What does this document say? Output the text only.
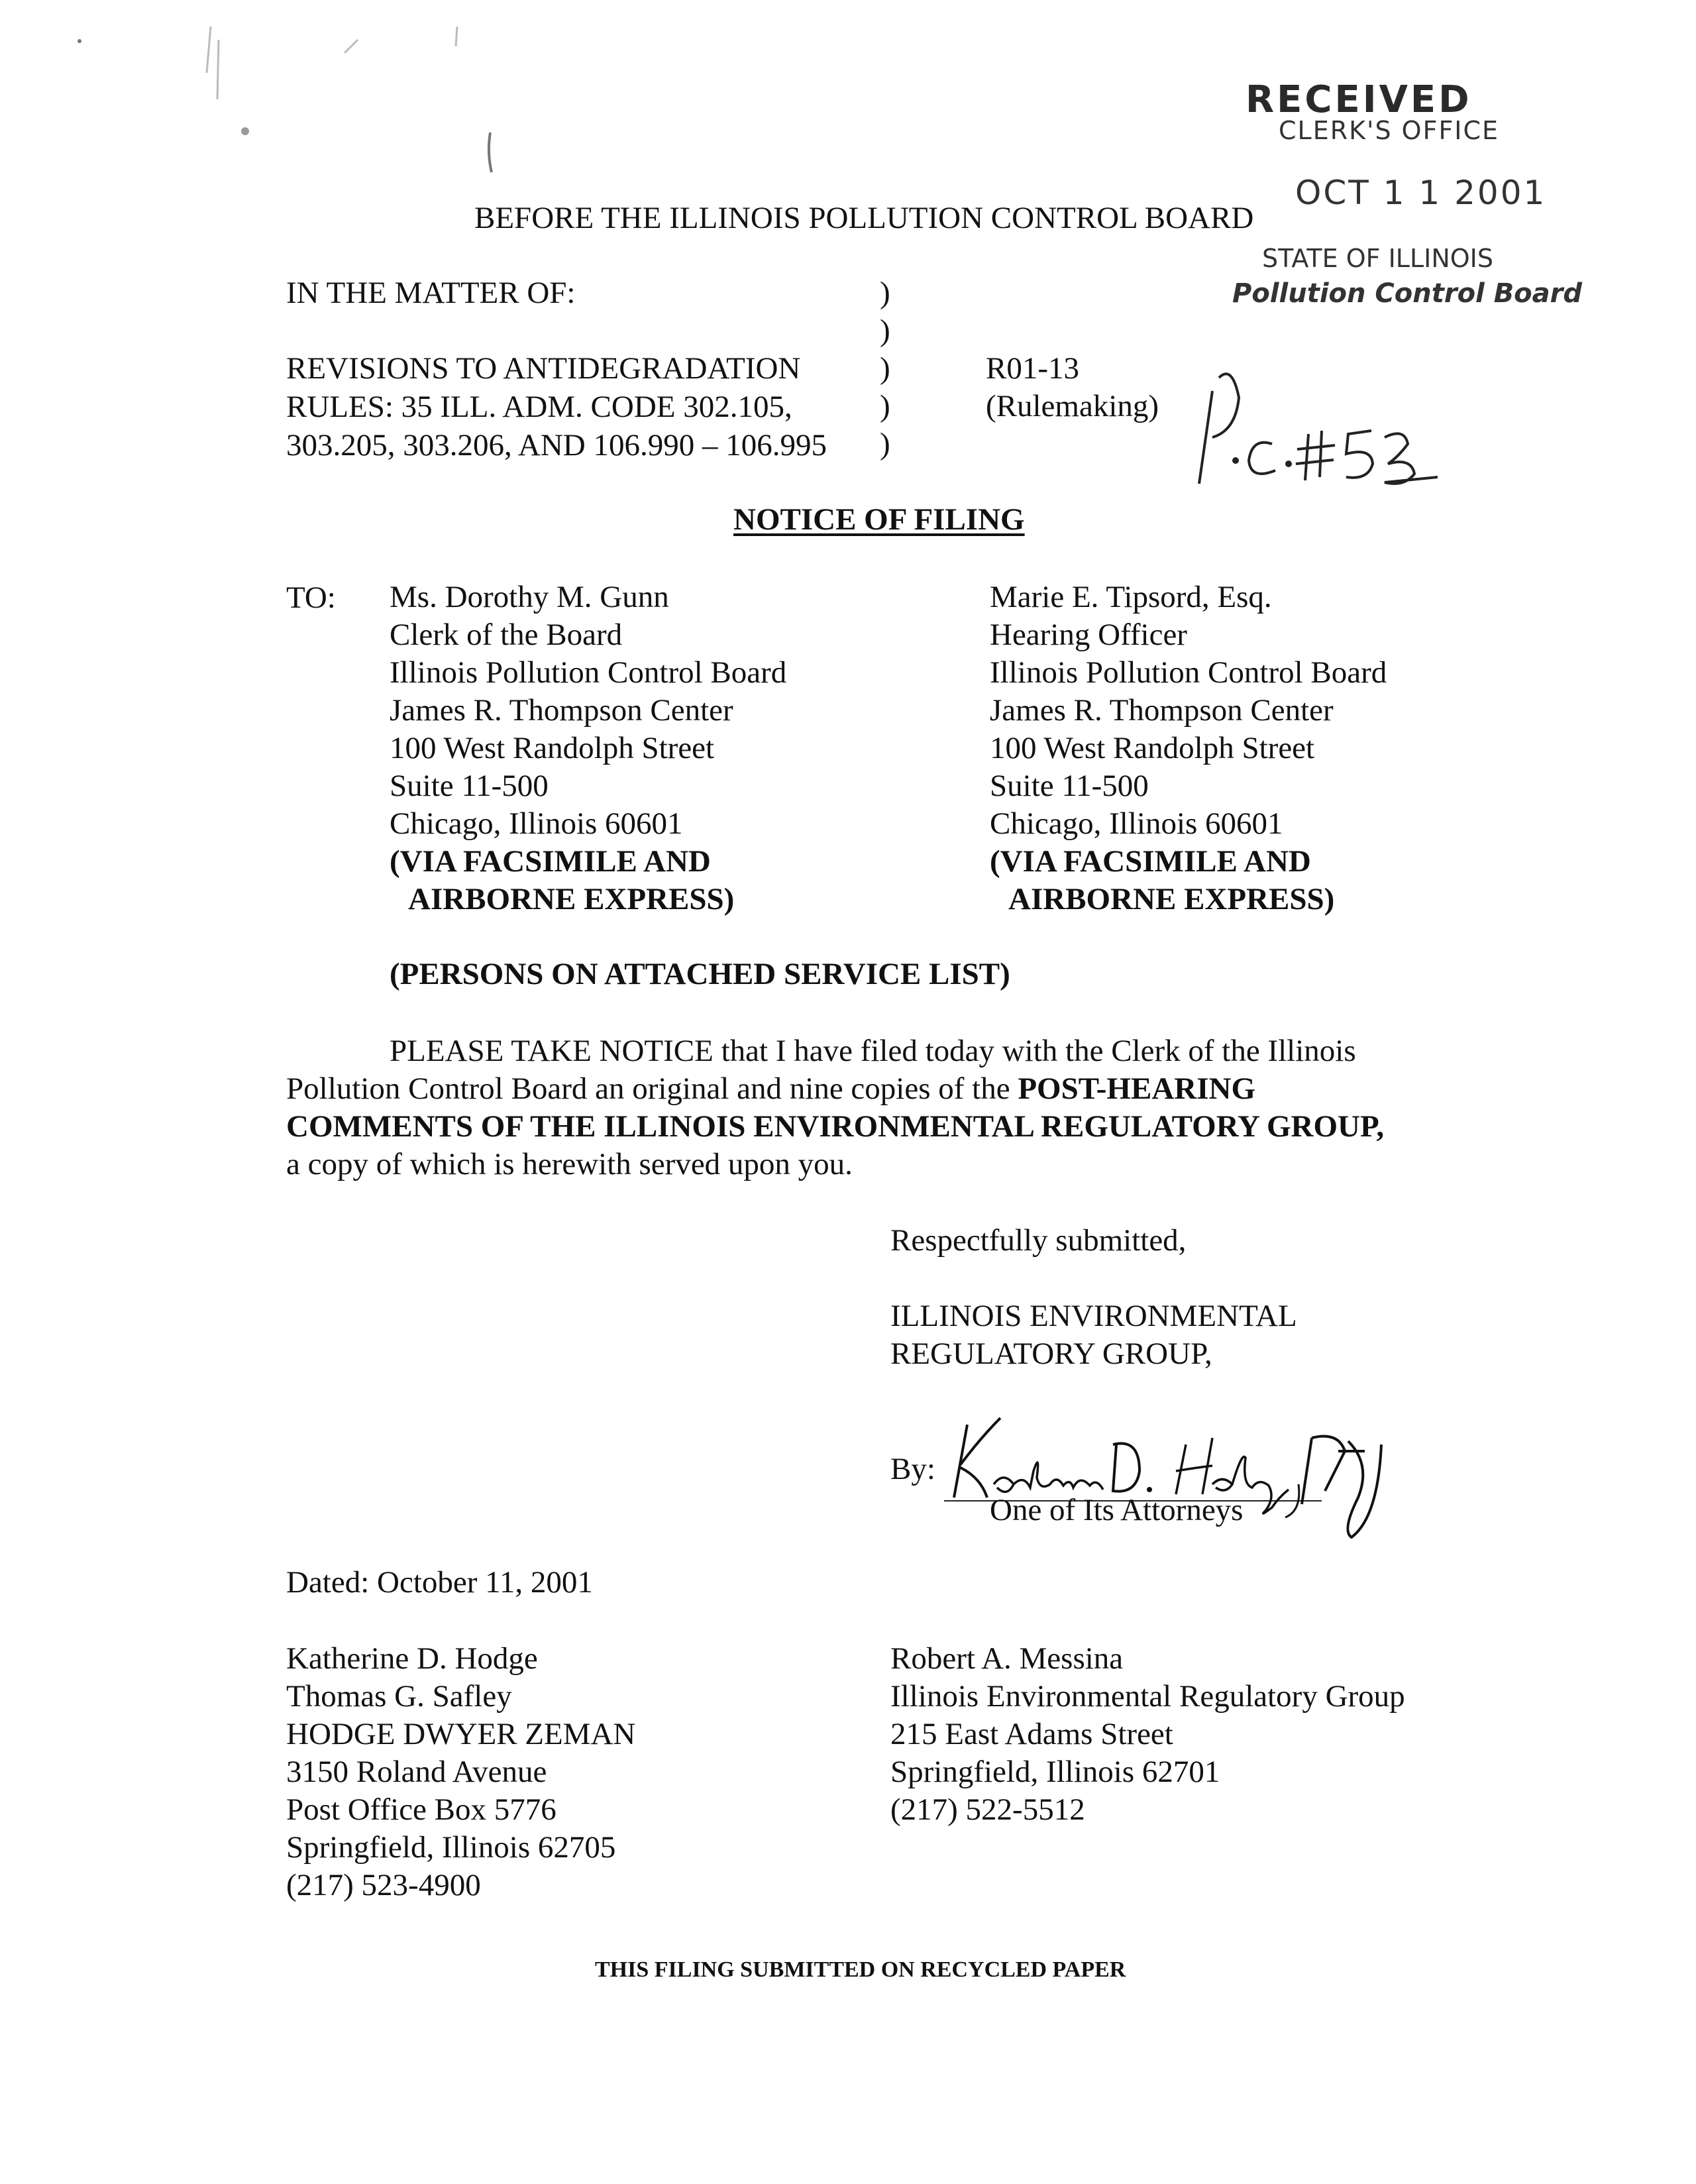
RECEIVED
CLERK'S OFFICE
OCT 1 1 2001
STATE OF ILLINOIS
Pollution Control Board
BEFORE THE ILLINOIS POLLUTION CONTROL BOARD
IN THE MATTER OF:
REVISIONS TO ANTIDEGRADATION
RULES: 35 ILL. ADM. CODE 302.105,
303.205, 303.206, AND 106.990 – 106.995
)
)
)
)
)
R01-13
(Rulemaking)
NOTICE OF FILING
TO: Ms. Dorothy M. Gunn
Clerk of the Board
Illinois Pollution Control Board
James R. Thompson Center
100 West Randolph Street
Suite 11-500
Chicago, Illinois 60601
(VIA FACSIMILE AND
AIRBORNE EXPRESS)
Marie E. Tipsord, Esq.
Hearing Officer
Illinois Pollution Control Board
James R. Thompson Center
100 West Randolph Street
Suite 11-500
Chicago, Illinois 60601
(VIA FACSIMILE AND
AIRBORNE EXPRESS)
(PERSONS ON ATTACHED SERVICE LIST)
PLEASE TAKE NOTICE that I have filed today with the Clerk of the Illinois
Pollution Control Board an original and nine copies of the POST-HEARING
COMMENTS OF THE ILLINOIS ENVIRONMENTAL REGULATORY GROUP,
a copy of which is herewith served upon you.
Respectfully submitted,
ILLINOIS ENVIRONMENTAL
REGULATORY GROUP,
By:
One of Its Attorneys
Dated: October 11, 2001
Katherine D. Hodge
Thomas G. Safley
HODGE DWYER ZEMAN
3150 Roland Avenue
Post Office Box 5776
Springfield, Illinois 62705
(217) 523-4900
Robert A. Messina
Illinois Environmental Regulatory Group
215 East Adams Street
Springfield, Illinois 62701
(217) 522-5512
THIS FILING SUBMITTED ON RECYCLED PAPER
